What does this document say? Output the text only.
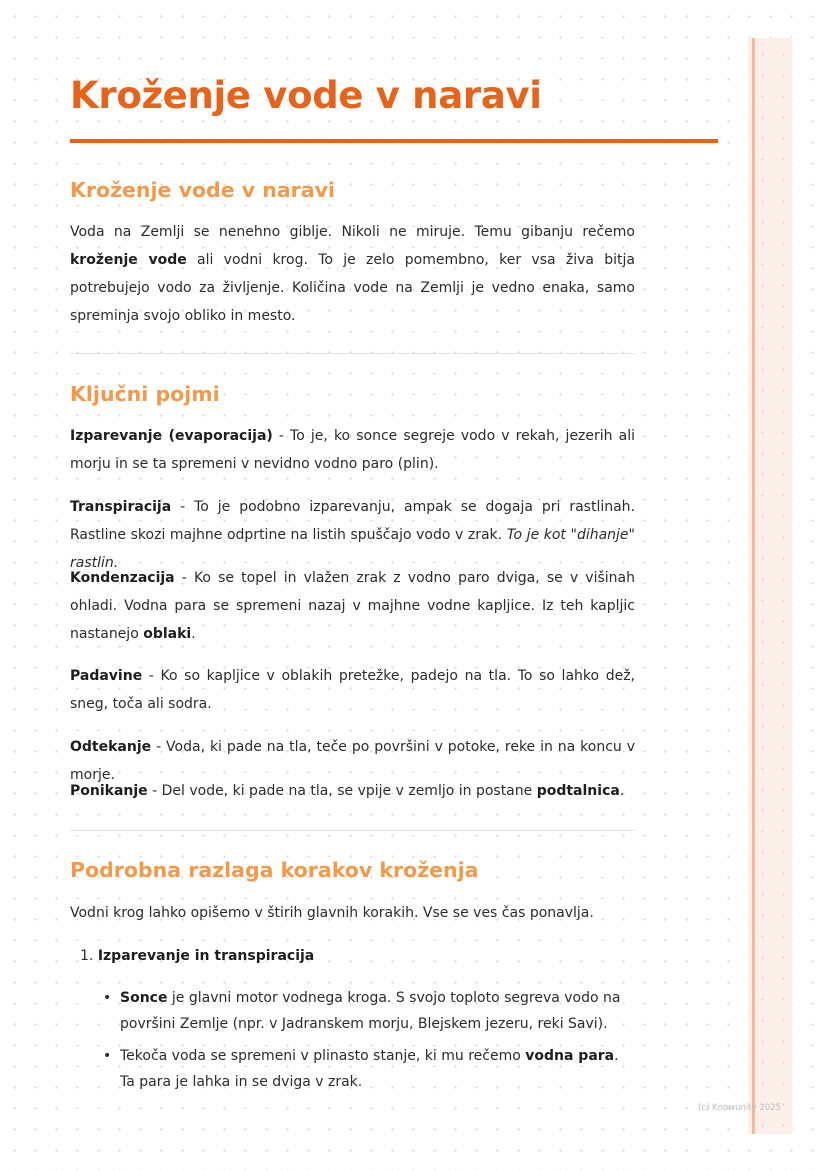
Kroženje vode v naravi
Kroženje vode v naravi

Voda na Zemlji se nenehno giblje. Nikoli ne miruje. Temu gibanju rečemo kroženje vode ali vodni krog. To je zelo pomembno, ker vsa živa bitja potrebujejo vodo za življenje. Količina vode na Zemlji je vedno enaka, samo spreminja svojo obliko in mesto.

Ključni pojmi

Izparevanje (evaporacija) - To je, ko sonce segreje vodo v rekah, jezerih ali morju in se ta spremeni v nevidno vodno paro (plin).

Transpiracija - To je podobno izparevanju, ampak se dogaja pri rastlinah. Rastline skozi majhne odprtine na listih spuščajo vodo v zrak. To je kot "dihanje" rastlin.

Kondenzacija - Ko se topel in vlažen zrak z vodno paro dviga, se v višinah ohladi. Vodna para se spremeni nazaj v majhne vodne kapljice. Iz teh kapljic nastanejo oblaki.

Padavine - Ko so kapljice v oblakih pretežke, padejo na tla. To so lahko dež, sneg, toča ali sodra.

Odtekanje - Voda, ki pade na tla, teče po površini v potoke, reke in na koncu v morje.

Ponikanje - Del vode, ki pade na tla, se vpije v zemljo in postane podtalnica.

Podrobna razlaga korakov kroženja

Vodni krog lahko opišemo v štirih glavnih korakih. Vse se ves čas ponavlja.

1. Izparevanje in transpiracija
• Sonce je glavni motor vodnega kroga. S svojo toploto segreva vodo na površini Zemlje (npr. v Jadranskem morju, Blejskem jezeru, reki Savi).
• Tekoča voda se spremeni v plinasto stanje, ki mu rečemo vodna para. Ta para je lahka in se dviga v zrak.
(c) Knowunity 2025
